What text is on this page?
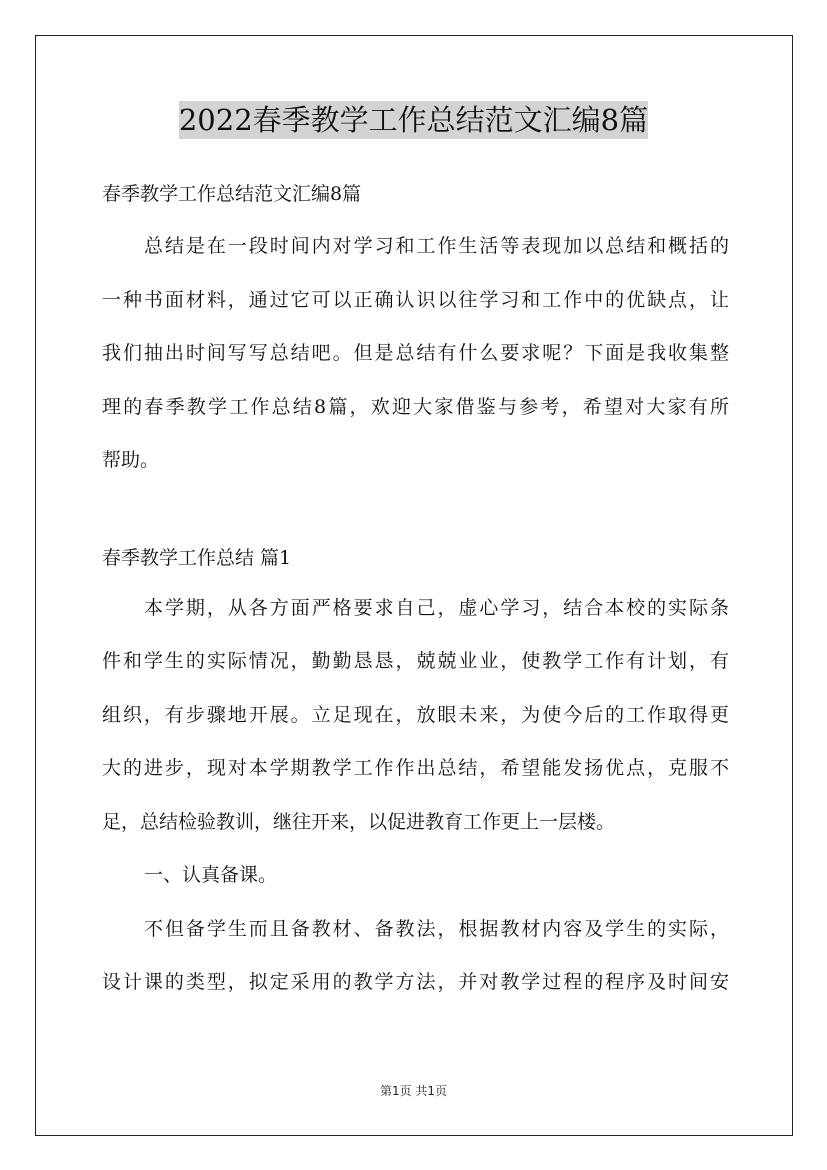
2022春季教学工作总结范文汇编8篇
春季教学工作总结范文汇编8篇
总结是在一段时间内对学习和工作生活等表现加以总结和概括的
一种书面材料，通过它可以正确认识以往学习和工作中的优缺点，让
我们抽出时间写写总结吧。但是总结有什么要求呢？下面是我收集整
理的春季教学工作总结8篇，欢迎大家借鉴与参考，希望对大家有所
帮助。
春季教学工作总结 篇1
本学期，从各方面严格要求自己，虚心学习，结合本校的实际条
件和学生的实际情况，勤勤恳恳，兢兢业业，使教学工作有计划，有
组织，有步骤地开展。立足现在，放眼未来，为使今后的工作取得更
大的进步，现对本学期教学工作作出总结，希望能发扬优点，克服不
足，总结检验教训，继往开来，以促进教育工作更上一层楼。
一、认真备课。
不但备学生而且备教材、备教法，根据教材内容及学生的实际，
设计课的类型，拟定采用的教学方法，并对教学过程的程序及时间安
第1页 共1页
